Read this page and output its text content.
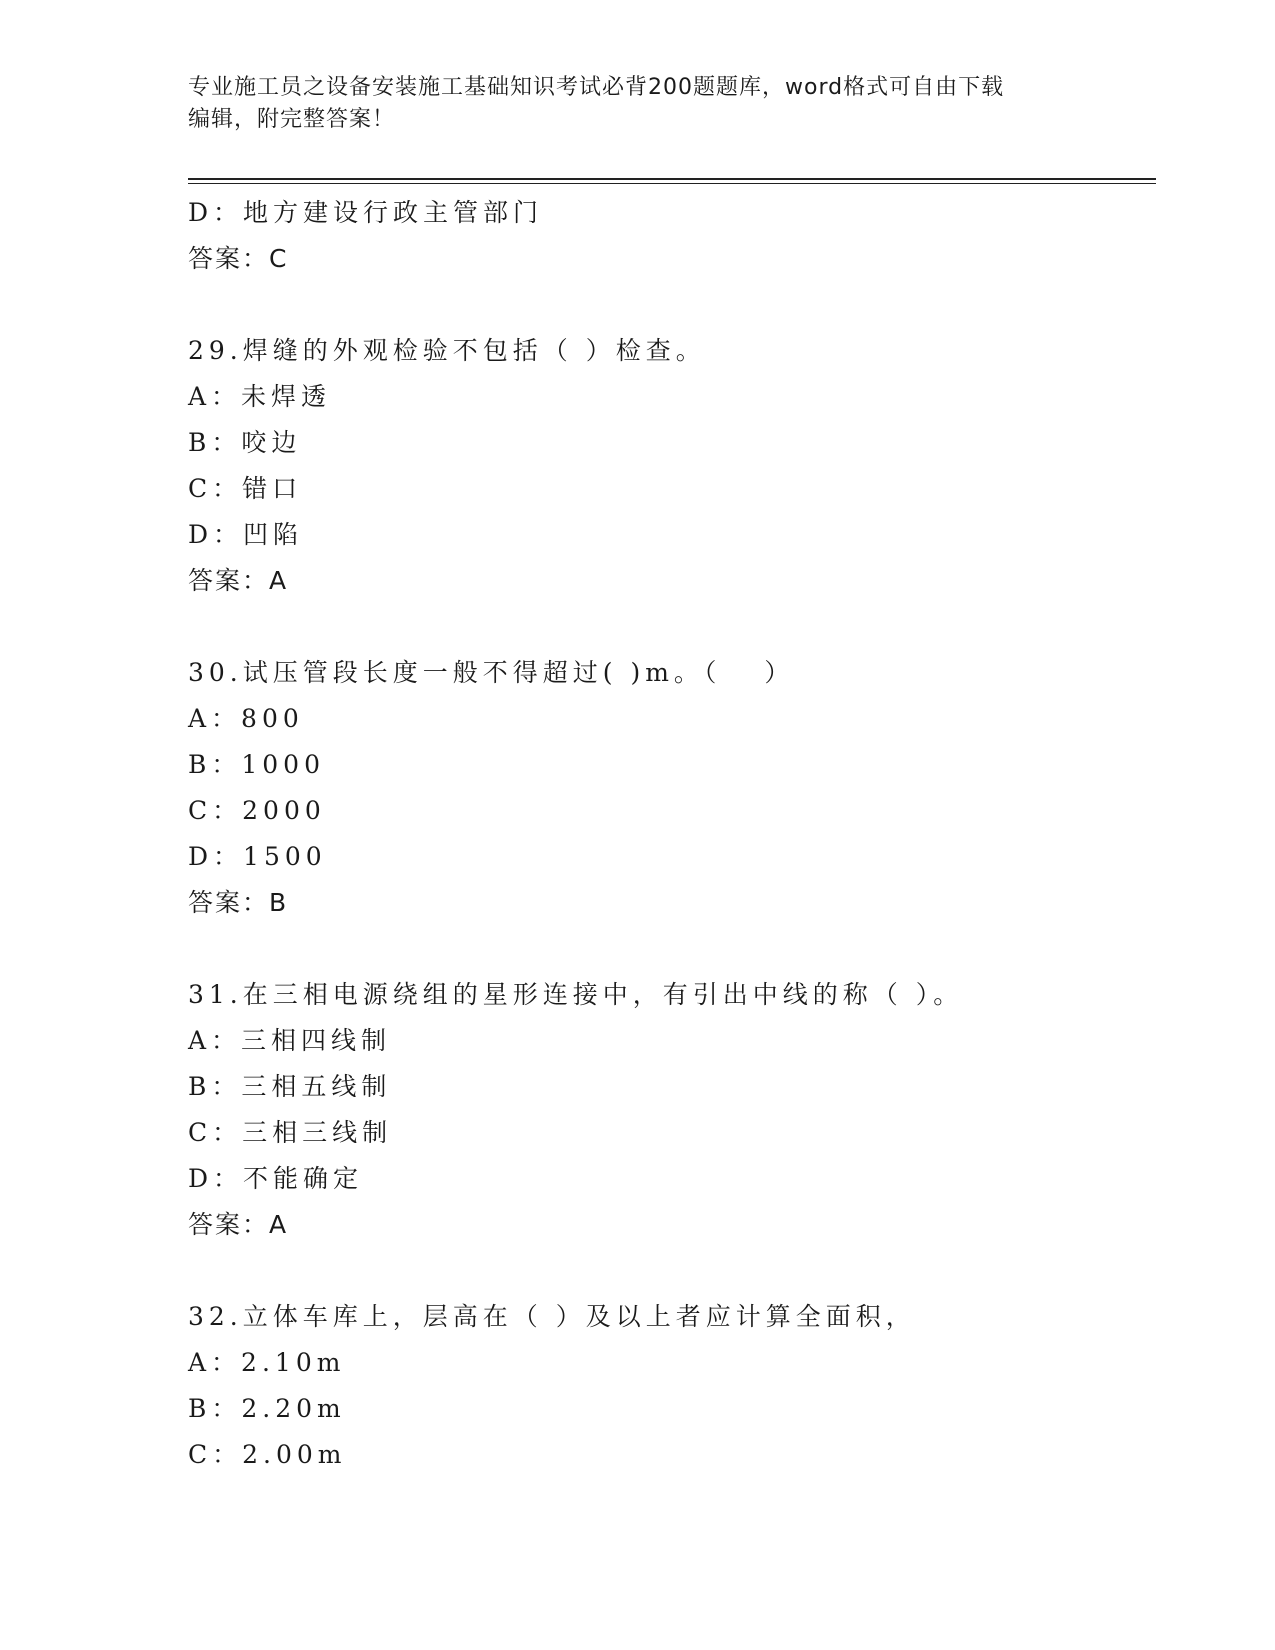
专业施工员之设备安装施工基础知识考试必背200题题库，word格式可自由下载
编辑，附完整答案！
D：地方建设行政主管部门
答案：C
29.焊缝的外观检验不包括（ ）检查。
A：未焊透
B：咬边
C：错口
D：凹陷
答案：A
30.试压管段长度一般不得超过( )m。（　 ）
A：800
B：1000
C：2000
D：1500
答案：B
31.在三相电源绕组的星形连接中，有引出中线的称（ ）。
A：三相四线制
B：三相五线制
C：三相三线制
D：不能确定
答案：A
32.立体车库上，层高在（ ）及以上者应计算全面积，
A：2.10m
B：2.20m
C：2.00m
